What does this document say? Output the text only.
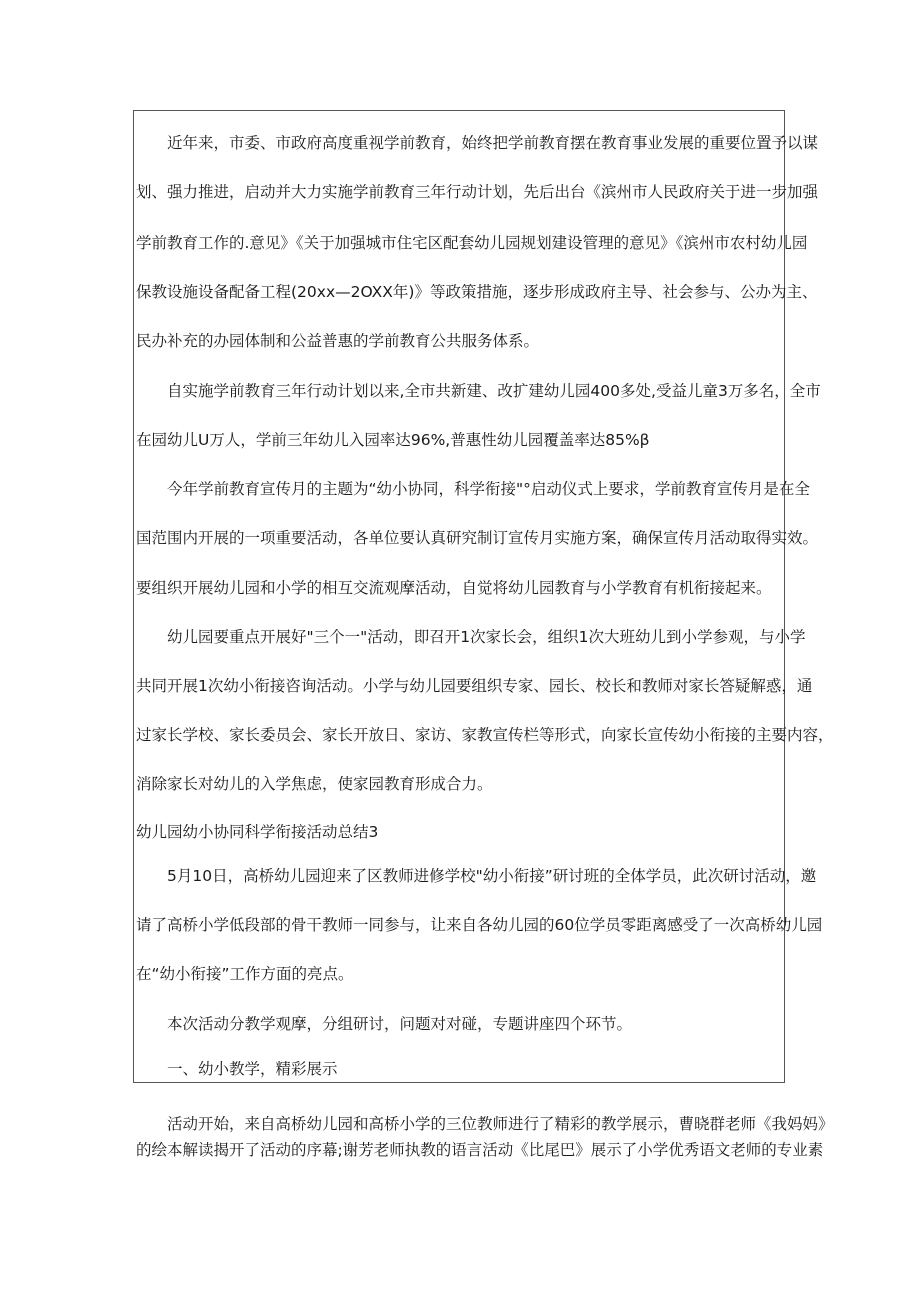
近年来，市委、市政府高度重视学前教育，始终把学前教育摆在教育事业发展的重要位置予以谋
划、强力推进，启动并大力实施学前教育三年行动计划，先后出台《滨州市人民政府关于进一步加强
学前教育工作的.意见》《关于加强城市住宅区配套幼儿园规划建设管理的意见》《滨州市农村幼儿园
保教设施设备配备工程(20xx—2OXX年)》等政策措施，逐步形成政府主导、社会参与、公办为主、
民办补充的办园体制和公益普惠的学前教育公共服务体系。
自实施学前教育三年行动计划以来,全市共新建、改扩建幼儿园400多处,受益儿童3万多名，全市
在园幼儿U万人，学前三年幼儿入园率达96%,普惠性幼儿园覆盖率达85%β
今年学前教育宣传月的主题为“幼小协同，科学衔接"°启动仪式上要求，学前教育宣传月是在全
国范围内开展的一项重要活动，各单位要认真研究制订宣传月实施方案，确保宣传月活动取得实效。
要组织开展幼儿园和小学的相互交流观摩活动，自觉将幼儿园教育与小学教育有机衔接起来。
幼儿园要重点开展好"三个一"活动，即召开1次家长会，组织1次大班幼儿到小学参观，与小学
共同开展1次幼小衔接咨询活动。小学与幼儿园要组织专家、园长、校长和教师对家长答疑解惑，通
过家长学校、家长委员会、家长开放日、家访、家教宣传栏等形式，向家长宣传幼小衔接的主要内容，
消除家长对幼儿的入学焦虑，使家园教育形成合力。
幼儿园幼小协同科学衔接活动总结3
5月10日，高桥幼儿园迎来了区教师进修学校"幼小衔接”研讨班的全体学员，此次研讨活动，邀
请了高桥小学低段部的骨干教师一同参与，让来自各幼儿园的60位学员零距离感受了一次高桥幼儿园
在“幼小衔接”工作方面的亮点。
本次活动分教学观摩，分组研讨，问题对对碰，专题讲座四个环节。
一、幼小教学，精彩展示
活动开始，来自高桥幼儿园和高桥小学的三位教师进行了精彩的教学展示，曹晓群老师《我妈妈》
的绘本解读揭开了活动的序幕;谢芳老师执教的语言活动《比尾巴》展示了小学优秀语文老师的专业素
